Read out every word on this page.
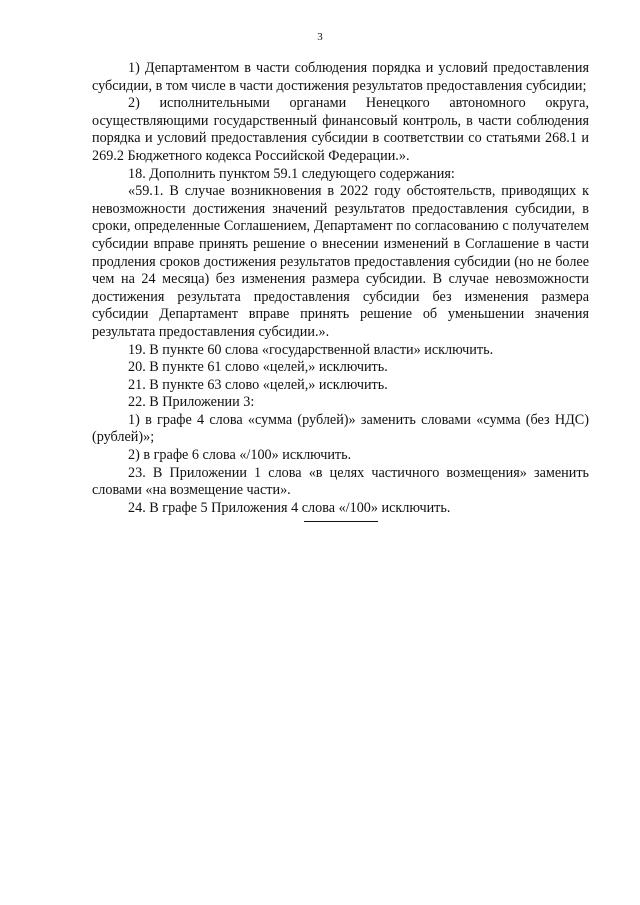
3

1) Департаментом в части соблюдения порядка и условий предоставления субсидии, в том числе в части достижения результатов предоставления субсидии;

2) исполнительными органами Ненецкого автономного округа, осуществляющими государственный финансовый контроль, в части соблюдения порядка и условий предоставления субсидии в соответствии со статьями 268.1 и 269.2 Бюджетного кодекса Российской Федерации.».

18. Дополнить пунктом 59.1 следующего содержания:

«59.1. В случае возникновения в 2022 году обстоятельств, приводящих к невозможности достижения значений результатов предоставления субсидии, в сроки, определенные Соглашением, Департамент по согласованию с получателем субсидии вправе принять решение о внесении изменений в Соглашение в части продления сроков достижения результатов предоставления субсидии (но не более чем на 24 месяца) без изменения размера субсидии. В случае невозможности достижения результата предоставления субсидии без изменения размера субсидии Департамент вправе принять решение об уменьшении значения результата предоставления субсидии.».

19. В пункте 60 слова «государственной власти» исключить.

20. В пункте 61 слово «целей,» исключить.

21. В пункте 63 слово «целей,» исключить.

22. В Приложении 3:

1) в графе 4 слова «сумма (рублей)» заменить словами «сумма (без НДС) (рублей)»;

2) в графе 6 слова «/100» исключить.

23. В Приложении 1 слова «в целях частичного возмещения» заменить словами «на возмещение части».

24. В графе 5 Приложения 4 слова «/100» исключить.
